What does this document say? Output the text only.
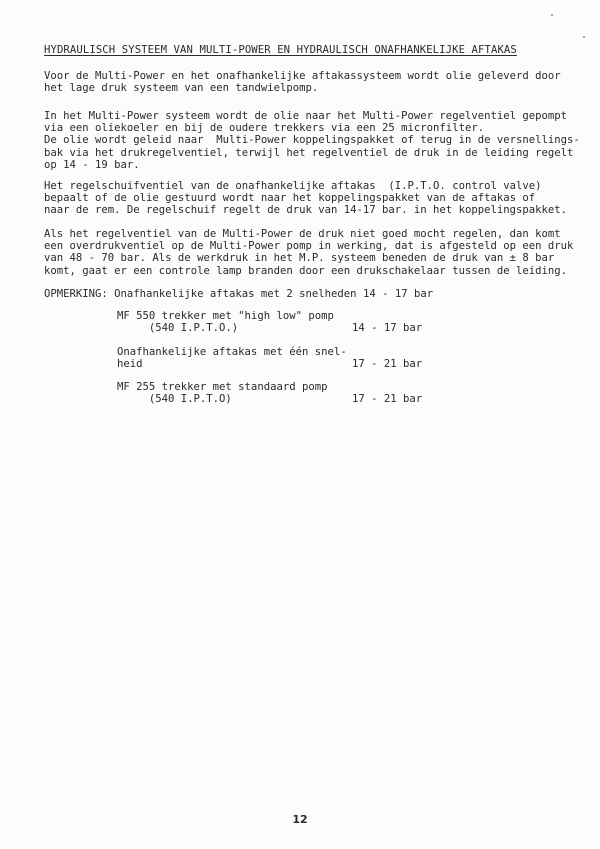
HYDRAULISCH SYSTEEM VAN MULTI-POWER EN HYDRAULISCH ONAFHANKELIJKE AFTAKAS

Voor de Multi-Power en het onafhankelijke aftakassysteem wordt olie geleverd door
het lage druk systeem van een tandwielpomp.

In het Multi-Power systeem wordt de olie naar het Multi-Power regelventiel gepompt
via een oliekoeler en bij de oudere trekkers via een 25 micronfilter.
De olie wordt geleid naar  Multi-Power koppelingspakket of terug in de versnellings-
bak via het drukregelventiel, terwijl het regelventiel de druk in de leiding regelt
op 14 - 19 bar.

Het regelschuifventiel van de onafhankelijke aftakas  (I.P.T.O. control valve)
bepaalt of de olie gestuurd wordt naar het koppelingspakket van de aftakas of
naar de rem. De regelschuif regelt de druk van 14-17 bar. in het koppelingspakket.

Als het regelventiel van de Multi-Power de druk niet goed mocht regelen, dan komt
een overdrukventiel op de Multi-Power pomp in werking, dat is afgesteld op een druk
van 48 - 70 bar. Als de werkdruk in het M.P. systeem beneden de druk van ± 8 bar
komt, gaat er een controle lamp branden door een drukschakelaar tussen de leiding.

OPMERKING: Onafhankelijke aftakas met 2 snelheden 14 - 17 bar

MF 550 trekker met "high low" pomp
(540 I.P.T.O.)	14 - 17 bar

Onafhankelijke aftakas met één snel-
heid	17 - 21 bar

MF 255 trekker met standaard pomp
(540 I.P.T.O)	17 - 21 bar

12
